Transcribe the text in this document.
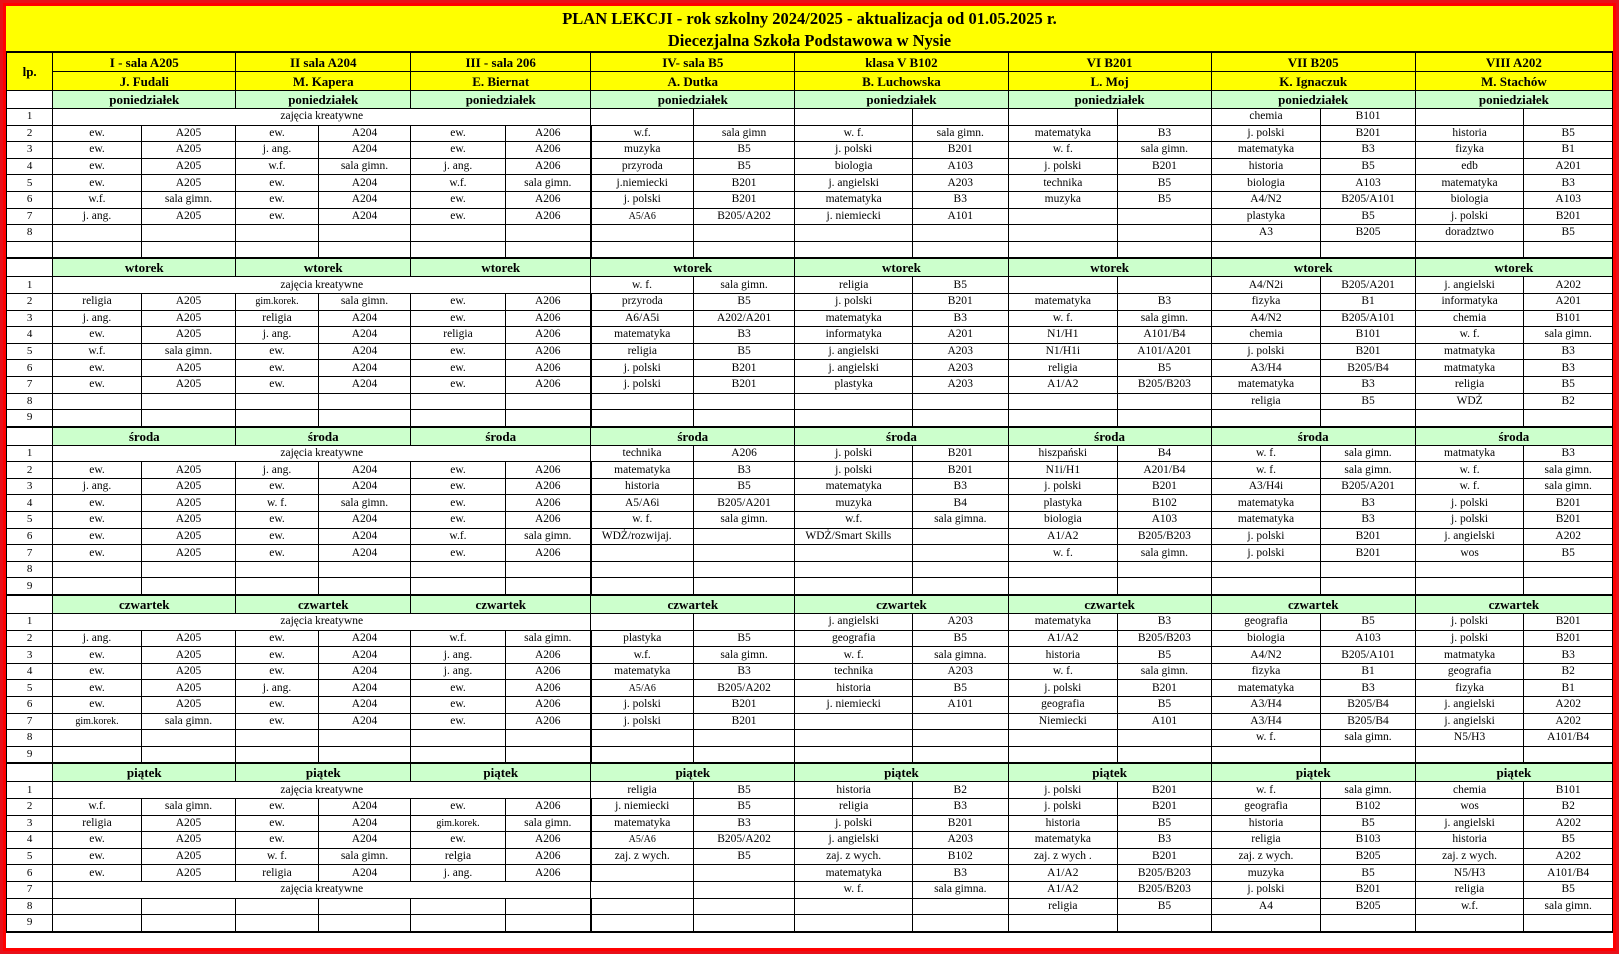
PLAN LEKCJI - rok szkolny 2024/2025 - aktualizacja od 01.05.2025 r.
Diecezjalna Szkoła Podstawowa w Nysie
lp.	I - sala A205		II sala A204		III - sala 206		IV- sala B5		klasa V B102		VI B201		VII B205		VIII A202	
	J. Fudali		M. Kapera		E. Biernat		A. Dutka		B. Luchowska		L. Moj		K. Ignaczuk		M. Stachów	
	poniedziałek		poniedziałek		poniedziałek		poniedziałek		poniedziałek		poniedziałek		poniedziałek		poniedziałek	
1	zajęcia kreatywne												chemia	B101		
2	ew.	A205	ew.	A204	ew.	A206	w.f.	sala gimn	w. f.	sala gimn.	matematyka	B3	j. polski	B201	historia	B5
3	ew.	A205	j. ang.	A204	ew.	A206	muzyka	B5	j. polski	B201	w. f.	sala gimn.	matematyka	B3	fizyka	B1
4	ew.	A205	w.f.	sala gimn.	j. ang.	A206	przyroda	B5	biologia	A103	j. polski	B201	historia	B5	edb	A201
5	ew.	A205	ew.	A204	w.f.	sala gimn.	j.niemiecki	B201	j. angielski	A203	technika	B5	biologia	A103	matematyka	B3
6	w.f.	sala gimn.	ew.	A204	ew.	A206	j. polski	B201	matematyka	B3	muzyka	B5	A4/N2	B205/A101	biologia	A103
7	j. ang.	A205	ew.	A204	ew.	A206	A5/A6	B205/A202	j. niemiecki	A101			plastyka	B5	j. polski	B201
8													A3	B205	doradztwo	B5

	wtorek		wtorek		wtorek		wtorek		wtorek		wtorek		wtorek		wtorek	
1	zajęcia kreatywne						w. f.	sala gimn.	religia	B5			A4/N2i	B205/A201	j. angielski	A202
2	religia	A205	gim.korek.	sala gimn.	ew.	A206	przyroda	B5	j. polski	B201	matematyka	B3	fizyka	B1	informatyka	A201
3	j. ang.	A205	religia	A204	ew.	A206	A6/A5i	A202/A201	matematyka	B3	w. f.	sala gimn.	A4/N2	B205/A101	chemia	B101
4	ew.	A205	j. ang.	A204	religia	A206	matematyka	B3	informatyka	A201	N1/H1	A101/B4	chemia	B101	w. f.	sala gimn.
5	w.f.	sala gimn.	ew.	A204	ew.	A206	religia	B5	j. angielski	A203	N1/H1i	A101/A201	j. polski	B201	matmatyka	B3
6	ew.	A205	ew.	A204	ew.	A206	j. polski	B201	j. angielski	A203	religia	B5	A3/H4	B205/B4	matmatyka	B3
7	ew.	A205	ew.	A204	ew.	A206	j. polski	B201	plastyka	A203	A1/A2	B205/B203	matematyka	B3	religia	B5
8													religia	B5	WDŻ	B2
9																
	środa		środa		środa		środa		środa		środa		środa		środa	
1	zajęcia kreatywne						technika	A206	j. polski	B201	hiszpański	B4	w. f.	sala gimn.	matmatyka	B3
2	ew.	A205	j. ang.	A204	ew.	A206	matematyka	B3	j. polski	B201	N1i/H1	A201/B4	w. f.	sala gimn.	w. f.	sala gimn.
3	j. ang.	A205	ew.	A204	ew.	A206	historia	B5	matematyka	B3	j. polski	B201	A3/H4i	B205/A201	w. f.	sala gimn.
4	ew.	A205	w. f.	sala gimn.	ew.	A206	A5/A6i	B205/A201	muzyka	B4	plastyka	B102	matematyka	B3	j. polski	B201
5	ew.	A205	ew.	A204	ew.	A206	w. f.	sala gimn.	w.f.	sala gimna.	biologia	A103	matematyka	B3	j. polski	B201
6	ew.	A205	ew.	A204	w.f.	sala gimn.	WDŻ/rozwijaj.		WDŻ/Smart Skills		A1/A2	B205/B203	j. polski	B201	j. angielski	A202
7	ew.	A205	ew.	A204	ew.	A206					w. f.	sala gimn.	j. polski	B201	wos	B5
8																
9																
	czwartek		czwartek		czwartek		czwartek		czwartek		czwartek		czwartek		czwartek	
1	zajęcia kreatywne								j. angielski	A203	matematyka	B3	geografia	B5	j. polski	B201
2	j. ang.	A205	ew.	A204	w.f.	sala gimn.	plastyka	B5	geografia	B5	A1/A2	B205/B203	biologia	A103	j. polski	B201
3	ew.	A205	ew.	A204	j. ang.	A206	w.f.	sala gimn.	w. f.	sala gimna.	historia	B5	A4/N2	B205/A101	matmatyka	B3
4	ew.	A205	ew.	A204	j. ang.	A206	matematyka	B3	technika	A203	w. f.	sala gimn.	fizyka	B1	geografia	B2
5	ew.	A205	j. ang.	A204	ew.	A206	A5/A6	B205/A202	historia	B5	j. polski	B201	matematyka	B3	fizyka	B1
6	ew.	A205	ew.	A204	ew.	A206	j. polski	B201	j. niemiecki	A101	geografia	B5	A3/H4	B205/B4	j. angielski	A202
7	gim.korek.	sala gimn.	ew.	A204	ew.	A206	j. polski	B201			Niemiecki	A101	A3/H4	B205/B4	j. angielski	A202
8													w. f.	sala gimn.	N5/H3	A101/B4
9																
	piątek		piątek		piątek		piątek		piątek		piątek		piątek		piątek	
1	zajęcia kreatywne						religia	B5	historia	B2	j. polski	B201	w. f.	sala gimn.	chemia	B101
2	w.f.	sala gimn.	ew.	A204	ew.	A206	j. niemiecki	B5	religia	B3	j. polski	B201	geografia	B102	wos	B2
3	religia	A205	ew.	A204	gim.korek.	sala gimn.	matematyka	B3	j. polski	B201	historia	B5	historia	B5	j. angielski	A202
4	ew.	A205	ew.	A204	ew.	A206	A5/A6	B205/A202	j. angielski	A203	matematyka	B3	religia	B103	historia	B5
5	ew.	A205	w. f.	sala gimn.	relgia	A206	zaj. z wych.	B5	zaj. z wych.	B102	zaj. z wych .	B201	zaj. z wych.	B205	zaj. z wych.	A202
6	ew.	A205	religia	A204	j. ang.	A206			matematyka	B3	A1/A2	B205/B203	muzyka	B5	N5/H3	A101/B4
7	zajęcia kreatywne								w. f.	sala gimna.	A1/A2	B205/B203	j. polski	B201	religia	B5
8											religia	B5	A4	B205	w.f.	sala gimn.
9																
